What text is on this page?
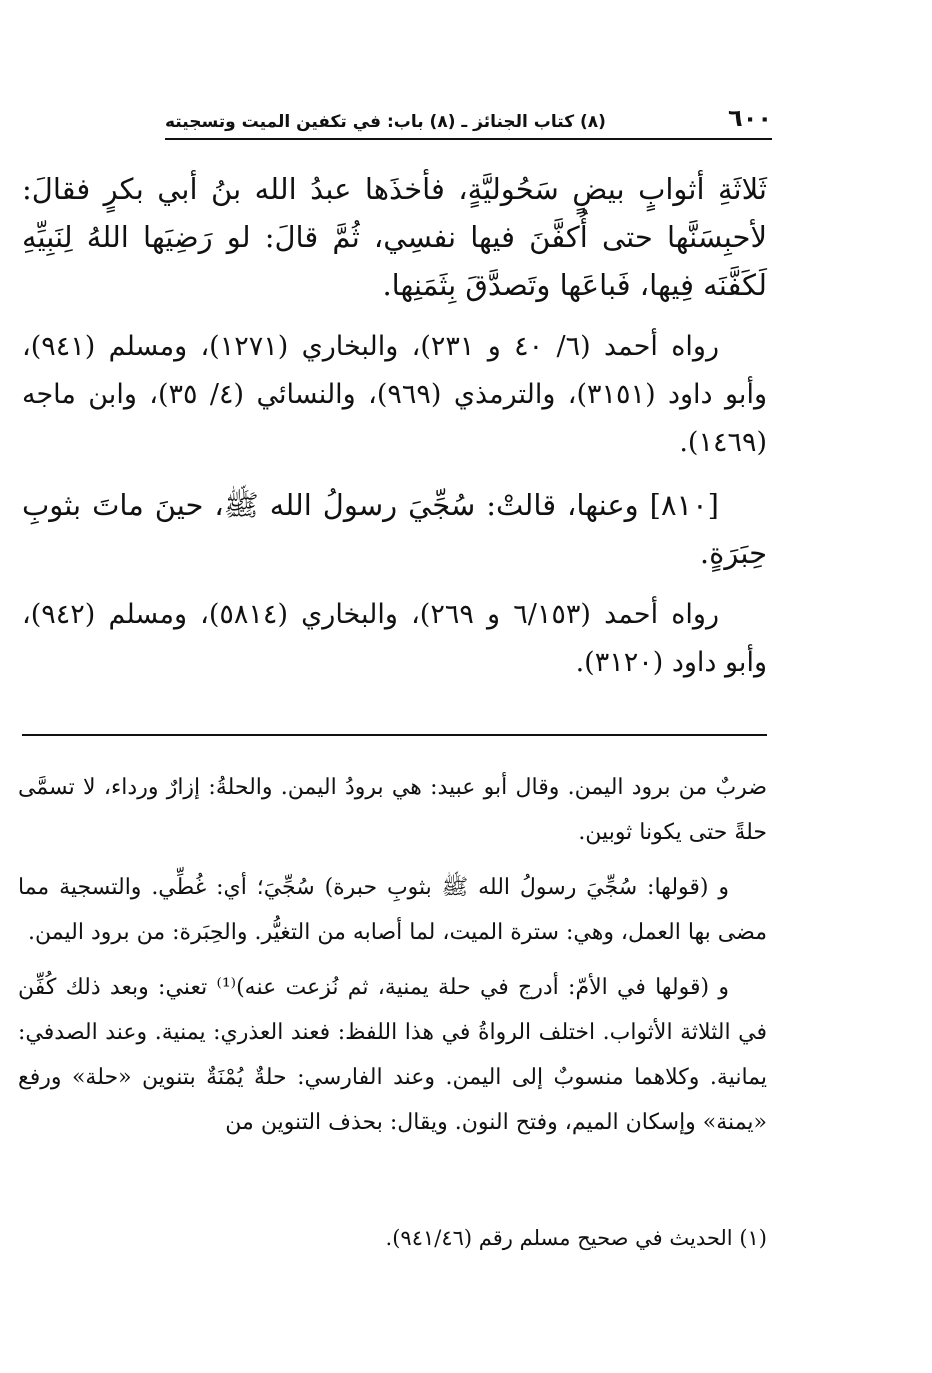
٦٠٠
(٨) كتاب الجنائز ـ (٨) باب: في تكفين الميت وتسجيته

ثَلاثَةِ أثوابٍ بيضٍ سَحُوليَّةٍ، فأخذَها عبدُ الله بنُ أبي بكرٍ فقالَ: لأحبِسَنَّها حتى أُكفَّنَ فيها نفسِي، ثُمَّ قالَ: لو رَضِيَها اللهُ لِنَبِيِّهِ لَكَفَّنَه فِيها، فَباعَها وتَصدَّقَ بِثَمَنِها.

رواه أحمد (٦/ ٤٠ و ٢٣١)، والبخاري (١٢٧١)، ومسلم (٩٤١)، وأبو داود (٣١٥١)، والترمذي (٩٦٩)، والنسائي (٤/ ٣٥)، وابن ماجه (١٤٦٩).

[٨١٠] وعنها، قالتْ: سُجِّيَ رسولُ الله ﷺ، حينَ ماتَ بثوبِ حِبَرَةٍ.

رواه أحمد (٦/١٥٣ و ٢٦٩)، والبخاري (٥٨١٤)، ومسلم (٩٤٢)، وأبو داود (٣١٢٠).

ضربٌ من برود اليمن. وقال أبو عبيد: هي برودُ اليمن. والحلةُ: إزارٌ ورداء، لا تسمَّى حلةً حتى يكونا ثوبين.

و (قولها: سُجِّيَ رسولُ الله ﷺ بثوبِ حبرة) سُجِّيَ؛ أي: غُطِّي. والتسجية مما مضى بها العمل، وهي: سترة الميت، لما أصابه من التغيُّر. والحِبَرة: من برود اليمن.

و (قولها في الأمّ: أدرج في حلة يمنية، ثم نُزعت عنه)⁽¹⁾ تعني: وبعد ذلك كُفِّن في الثلاثة الأثواب. اختلف الرواةُ في هذا اللفظ: فعند العذري: يمنية. وعند الصدفي: يمانية. وكلاهما منسوبٌ إلى اليمن. وعند الفارسي: حلةٌ يُمْنَةٌ بتنوين «حلة» ورفع «يمنة» وإسكان الميم، وفتح النون. ويقال: بحذف التنوين من

(١) الحديث في صحيح مسلم رقم (٩٤١/٤٦).
